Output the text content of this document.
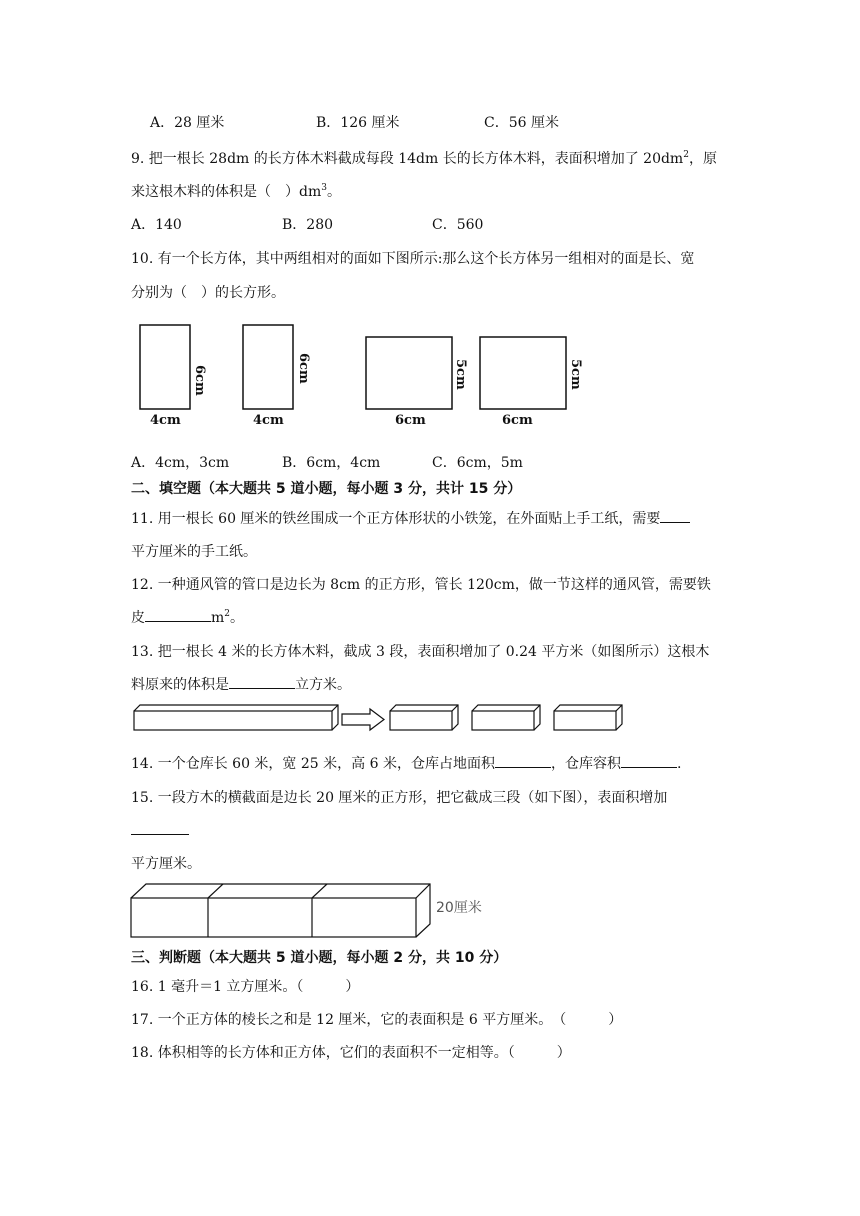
A．28 厘米	B．126 厘米	C．56 厘米
9. 把一根长 28dm 的长方体木料截成每段 14dm 长的长方体木料，表面积增加了 $20dm^2$，原
来这根木料的体积是（　）$dm^3$。
A．140	B．280	C．560
10. 有一个长方体，其中两组相对的面如下图所示:那么这个长方体另一组相对的面是长、宽
分别为（　）的长方形。
4cm
6cm
4cm
6cm
6cm
5cm
6cm
5cm
A．4cm，3cm	B．6cm，4cm	C．6cm，5m
二、填空题（本大题共 5 道小题，每小题 3 分，共计 15 分）
11. 用一根长 60 厘米的铁丝围成一个正方体形状的小铁笼，在外面贴上手工纸，需要
平方厘米的手工纸。
12. 一种通风管的管口是边长为 8cm 的正方形，管长 120cm，做一节这样的通风管，需要铁
皮	$m^2$。
13. 把一根长 4 米的长方体木料，截成 3 段，表面积增加了 0.24 平方米（如图所示）这根木
料原来的体积是	立方米。
14. 一个仓库长 60 米，宽 25 米，高 6 米，仓库占地面积	，仓库容积	.
15. 一段方木的横截面是边长 20 厘米的正方形，把它截成三段（如下图），表面积增加
平方厘米。
20厘米
三、判断题（本大题共 5 道小题，每小题 2 分，共 10 分）
16. 1 毫升＝1 立方厘米。（　　　）
17. 一个正方体的棱长之和是 12 厘米，它的表面积是 6 平方厘米。　（　　　）
18. 体积相等的长方体和正方体，它们的表面积不一定相等。（　　　）
